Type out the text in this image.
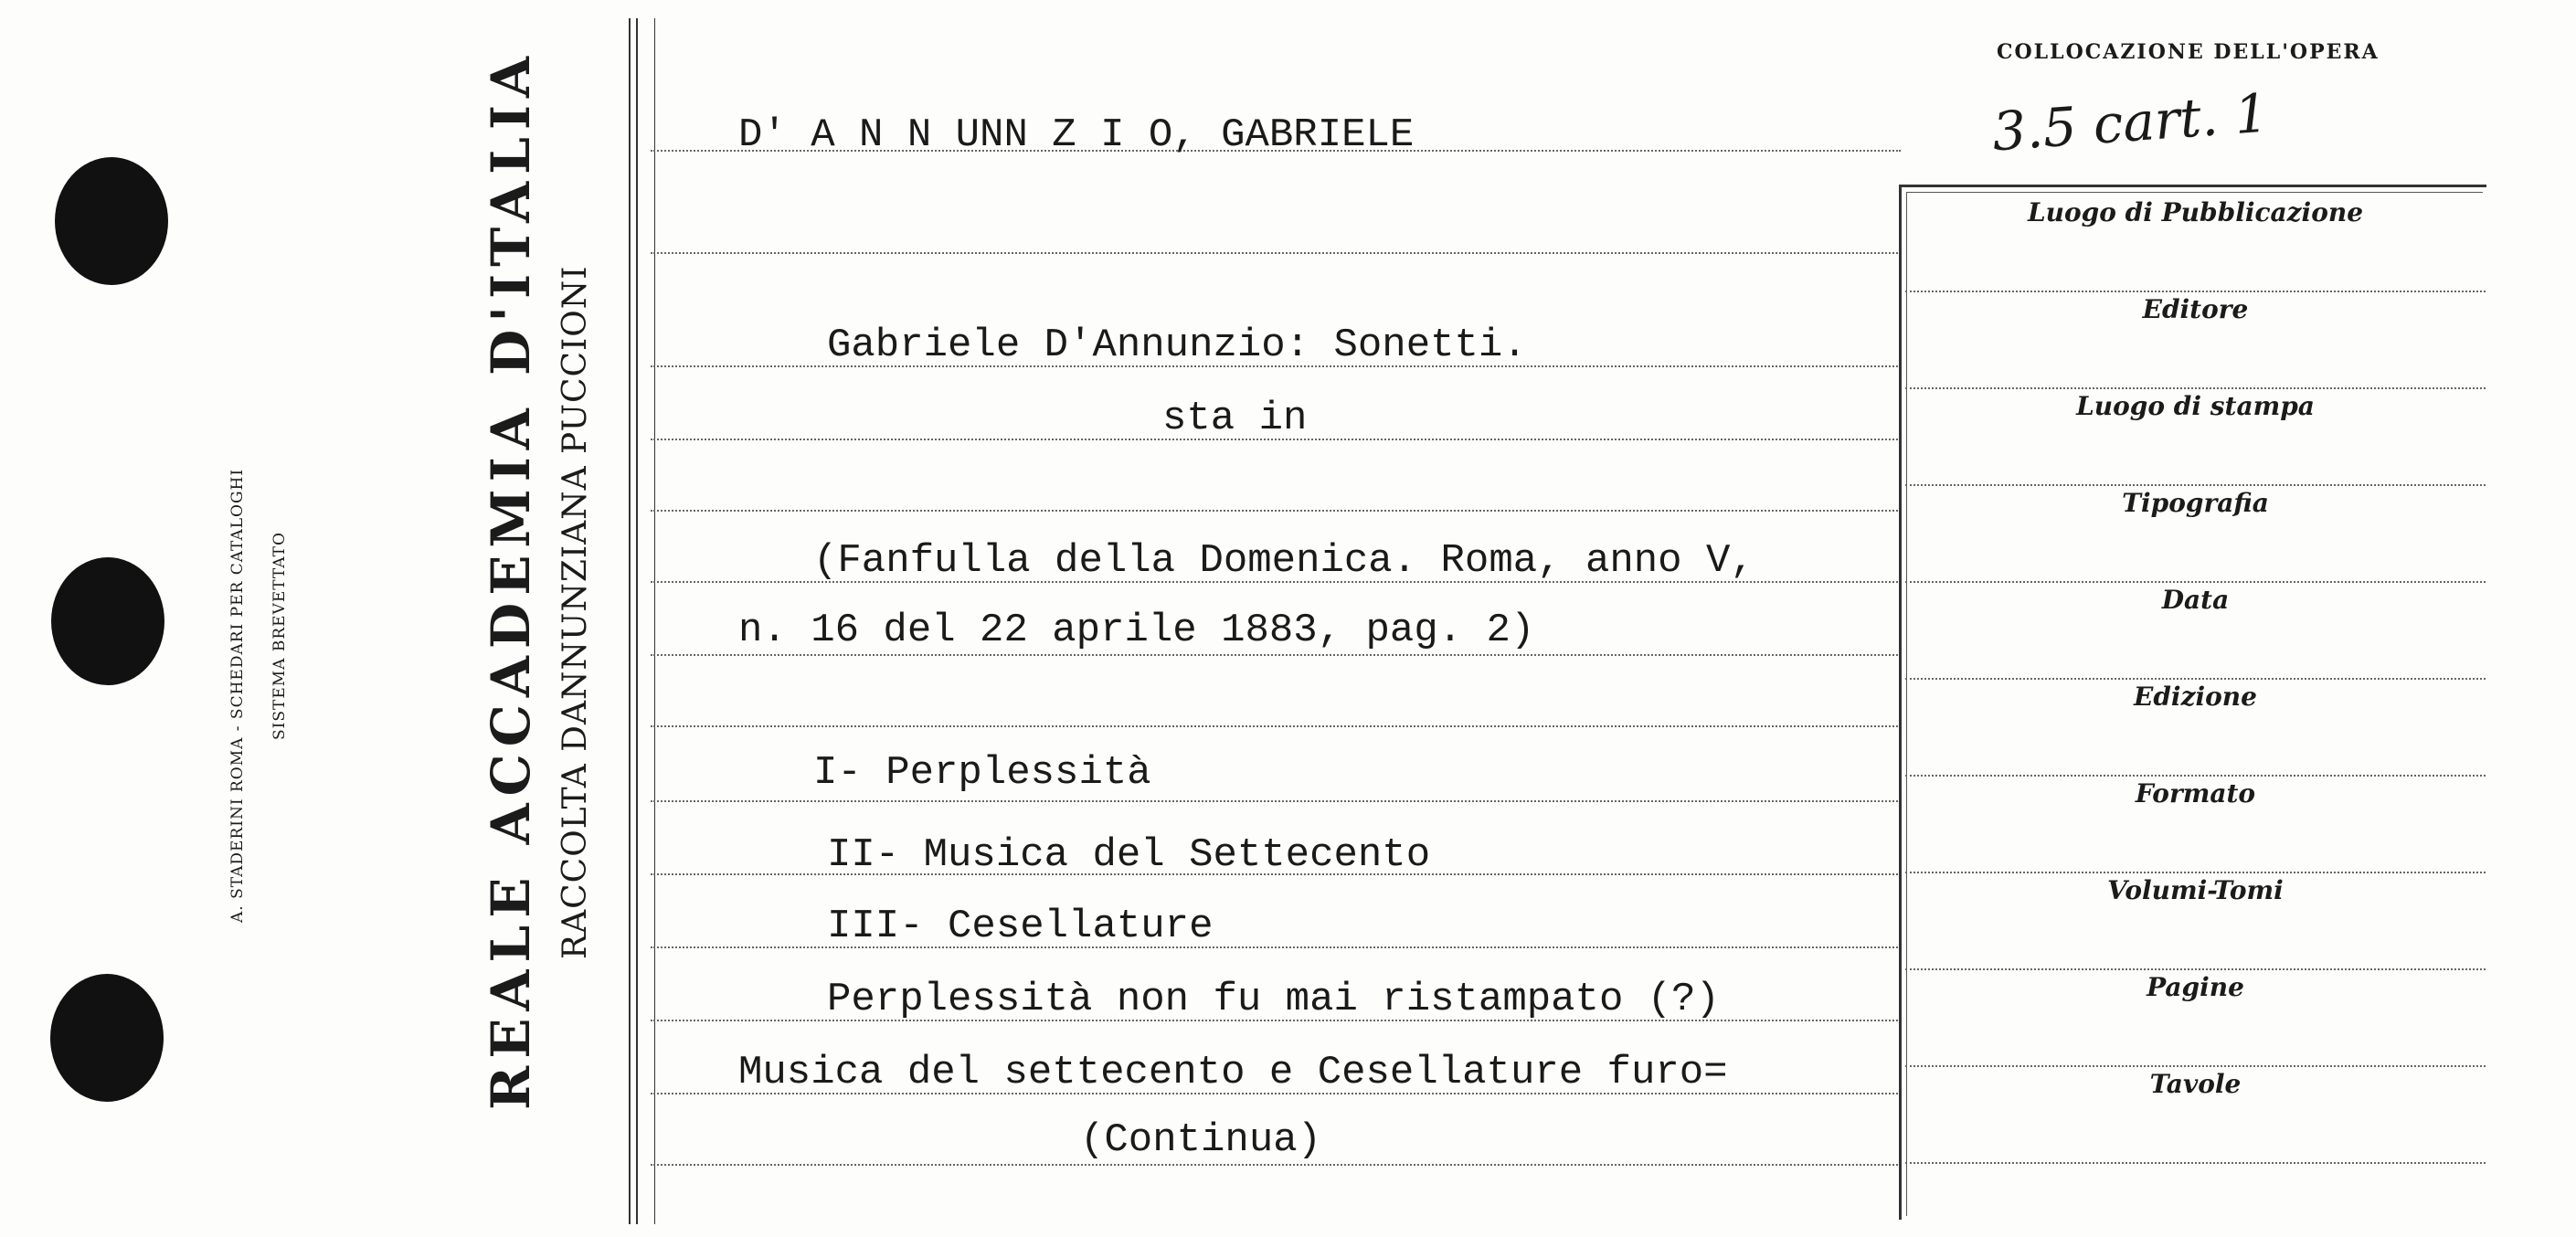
A. STADERINI ROMA - SCHEDARI PER CATALOGHI SISTEMA BREVETTATO	REALE ACCADEMIA D'ITALIA RACCOLTA DANNUNZIANA PUCCIONI
Luogo di Pubblicazione
Editore
Luogo di stampa
Tipografia
Data
Edizione
Formato
Volumi-Tomi
Pagine
Tavole
COLLOCAZIONE DELL'OPERA
3.5 cart. 1
D' A N N UNN Z I O, GABRIELE
Gabriele D'Annunzio: Sonetti.
sta in
(Fanfulla della Domenica. Roma, anno V,
n. 16 del 22 aprile 1883, pag. 2)
I- Perplessità
II- Musica del Settecento
III- Cesellature
Perplessità non fu mai ristampato (?)
Musica del settecento e Cesellature furo=
(Continua)
